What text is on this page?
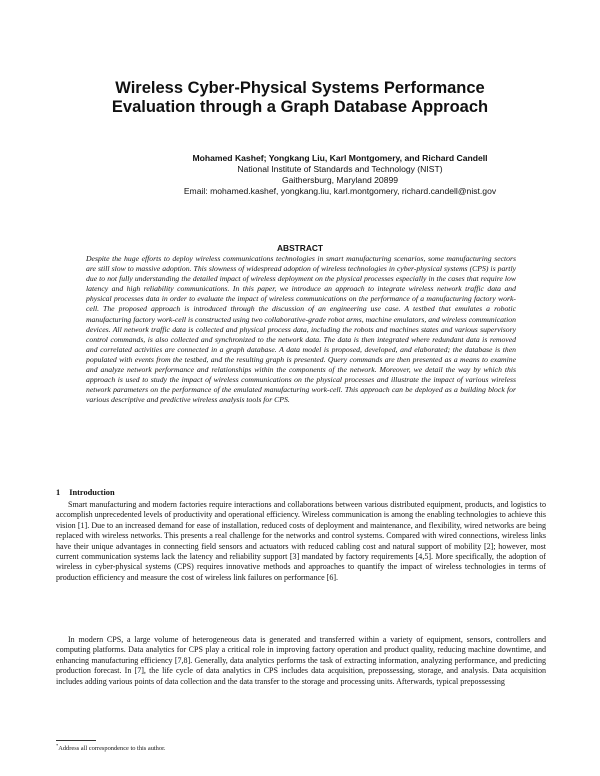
Wireless Cyber-Physical Systems Performance
Evaluation through a Graph Database Approach
Mohamed Kashef; Yongkang Liu, Karl Montgomery, and Richard Candell
National Institute of Standards and Technology (NIST)
Gaithersburg, Maryland 20899
Email: mohamed.kashef, yongkang.liu, karl.montgomery, richard.candell@nist.gov
ABSTRACT

Despite the huge efforts to deploy wireless communications technologies in smart manufacturing scenarios, some manufacturing sectors are still slow to massive adoption. This slowness of widespread adoption of wireless technologies in cyber-physical systems (CPS) is partly due to not fully understanding the detailed impact of wireless deployment on the physical processes especially in the cases that require low latency and high reliability communications. In this paper, we introduce an approach to integrate wireless network traffic data and physical processes data in order to evaluate the impact of wireless communications on the performance of a manufacturing factory work-cell. The proposed approach is introduced through the discussion of an engineering use case. A testbed that emulates a robotic manufacturing factory work-cell is constructed using two collaborative-grade robot arms, machine emulators, and wireless communication devices. All network traffic data is collected and physical process data, including the robots and machines states and various supervisory control commands, is also collected and synchronized to the network data. The data is then integrated where redundant data is removed and correlated activities are connected in a graph database. A data model is proposed, developed, and elaborated; the database is then populated with events from the testbed, and the resulting graph is presented. Query commands are then presented as a means to examine and analyze network performance and relationships within the components of the network. Moreover, we detail the way by which this approach is used to study the impact of wireless communications on the physical processes and illustrate the impact of various wireless network parameters on the performance of the emulated manufacturing work-cell. This approach can be deployed as a building block for various descriptive and predictive wireless analysis tools for CPS.

1 Introduction

Smart manufacturing and modern factories require interactions and collaborations between various distributed equipment, products, and logistics to accomplish unprecedented levels of productivity and operational efficiency. Wireless communication is among the enabling technologies to achieve this vision [1]. Due to an increased demand for ease of installation, reduced costs of deployment and maintenance, and flexibility, wired networks are being replaced with wireless networks. This presents a real challenge for the networks and control systems. Compared with wired connections, wireless links have their unique advantages in connecting field sensors and actuators with reduced cabling cost and natural support of mobility [2]; however, most current communication systems lack the latency and reliability support [3] mandated by factory requirements [4,5]. More specifically, the adoption of wireless in cyber-physical systems (CPS) requires innovative methods and approaches to quantify the impact of wireless technologies in terms of production efficiency and measure the cost of wireless link failures on performance [6].

In modern CPS, a large volume of heterogeneous data is generated and transferred within a variety of equipment, sensors, controllers and computing platforms. Data analytics for CPS play a critical role in improving factory operation and product quality, reducing machine downtime, and enhancing manufacturing efficiency [7,8]. Generally, data analytics performs the task of extracting information, analyzing performance, and predicting production forecast. In [7], the life cycle of data analytics in CPS includes data acquisition, prepossessing, storage, and analysis. Data acquisition includes adding various points of data collection and the data transfer to the storage and processing units. Afterwards, typical prepossessing

*Address all correspondence to this author.
